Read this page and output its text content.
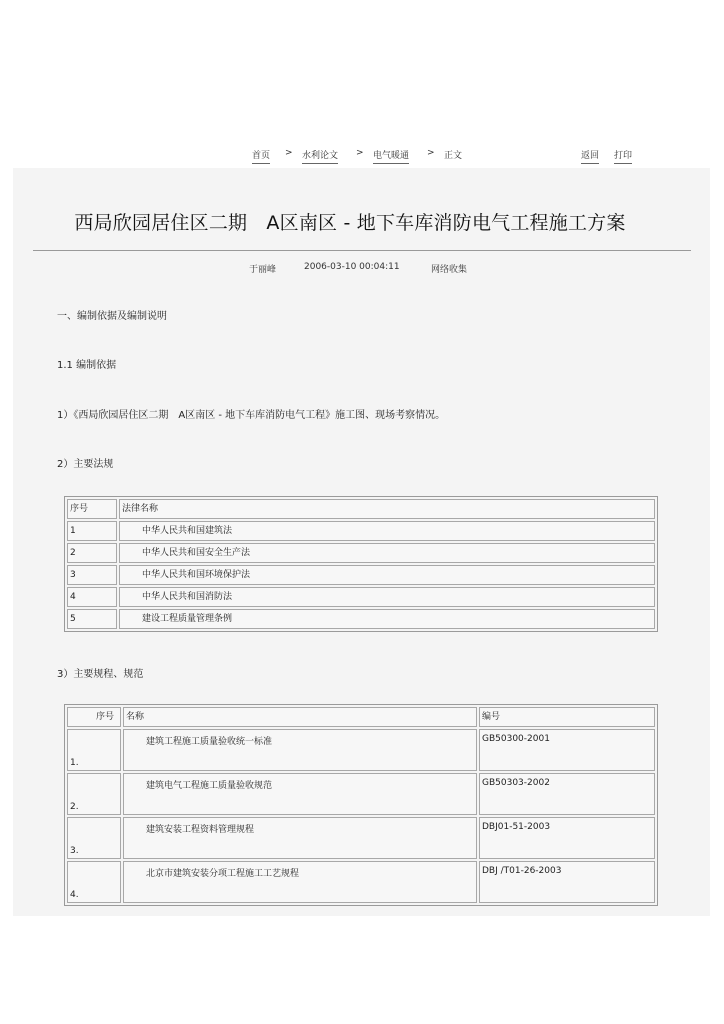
首页 > 水利论文 > 电气暖通 > 正文	返回 打印
西局欣园居住区二期　A区南区 - 地下车库消防电气工程施工方案
于丽峰	2006-03-10 00:04:11	网络收集
一、编制依据及编制说明
1.1 编制依据
1）《西局欣园居住区二期　A区南区 - 地下车库消防电气工程》施工图、现场考察情况。
2）主要法规
序号	法律名称
1	中华人民共和国建筑法
2	中华人民共和国安全生产法
3	中华人民共和国环境保护法
4	中华人民共和国消防法
5	建设工程质量管理条例
3）主要规程、规范
序号	名称	编号

1.	建筑工程施工质量验收统一标准	GB50300-2001

2.	建筑电气工程施工质量验收规范	GB50303-2002

3.	建筑安装工程资料管理规程	DBJ01-51-2003

4.	北京市建筑安装分项工程施工工艺规程	DBJ /T01-26-2003
